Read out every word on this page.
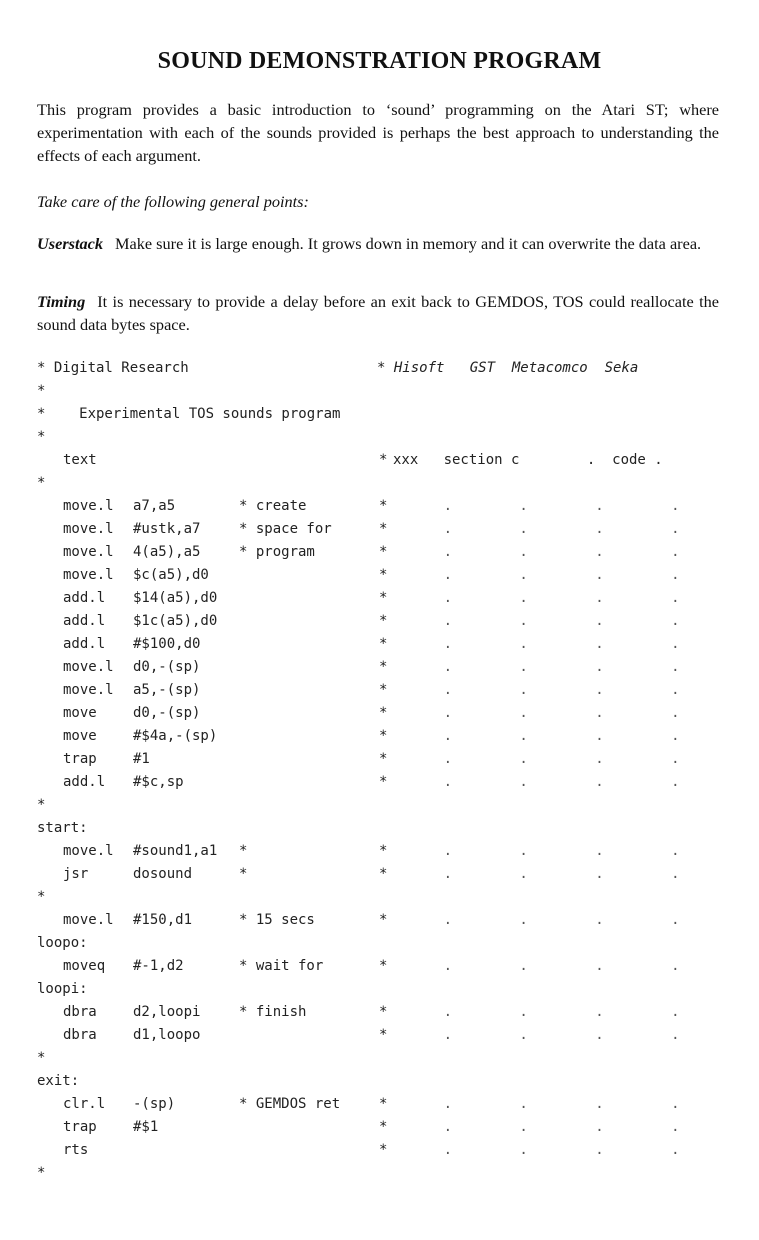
SOUND DEMONSTRATION PROGRAM
This program provides a basic introduction to ‘sound’ programming on the Atari ST; where experimentation with each of the sounds provided is perhaps the best approach to understanding the effects of each argument.
Take care of the following general points:
Userstack Make sure it is large enough. It grows down in memory and it can overwrite the data area.
Timing It is necessary to provide a delay before an exit back to GEMDOS, TOS could reallocate the sound data bytes space.
* Digital Research	* Hisoft   GST  Metacomco  Seka
*
*    Experimental TOS sounds program
*
text	* xxx   section c        .  code .
*
move.l a7,a5	* create	* .        .        .        .
move.l #ustk,a7	* space for	* .        .        .        .
move.l 4(a5),a5	* program	* .        .        .        .
move.l $c(a5),d0	* .        .        .        .
add.l $14(a5),d0	* .        .        .        .
add.l $1c(a5),d0	* .        .        .        .
add.l #$100,d0	* .        .        .        .
move.l d0,-(sp)	* .        .        .        .
move.l a5,-(sp)	* .        .        .        .
move	d0,-(sp)	* .        .        .        .
move	#$4a,-(sp)	* .        .        .        .
trap	#1	* .        .        .        .
add.l #$c,sp	* .        .        .        .
*
start:
move.l #sound1,a1 *	* .        .        .        .
jsr	dosound	*	* .        .        .        .
*
move.l #150,d1	* 15 secs	* .        .        .        .
loopo:
moveq #-1,d2	* wait for	* .        .        .        .
loopi:
dbra	d2,loopi	* finish	* .        .        .        .
dbra	d1,loopo	* .        .        .        .
*
exit:
clr.l -(sp)	* GEMDOS ret	* .        .        .        .
trap	#$1	* .        .        .        .
rts	* .        .        .        .
*
